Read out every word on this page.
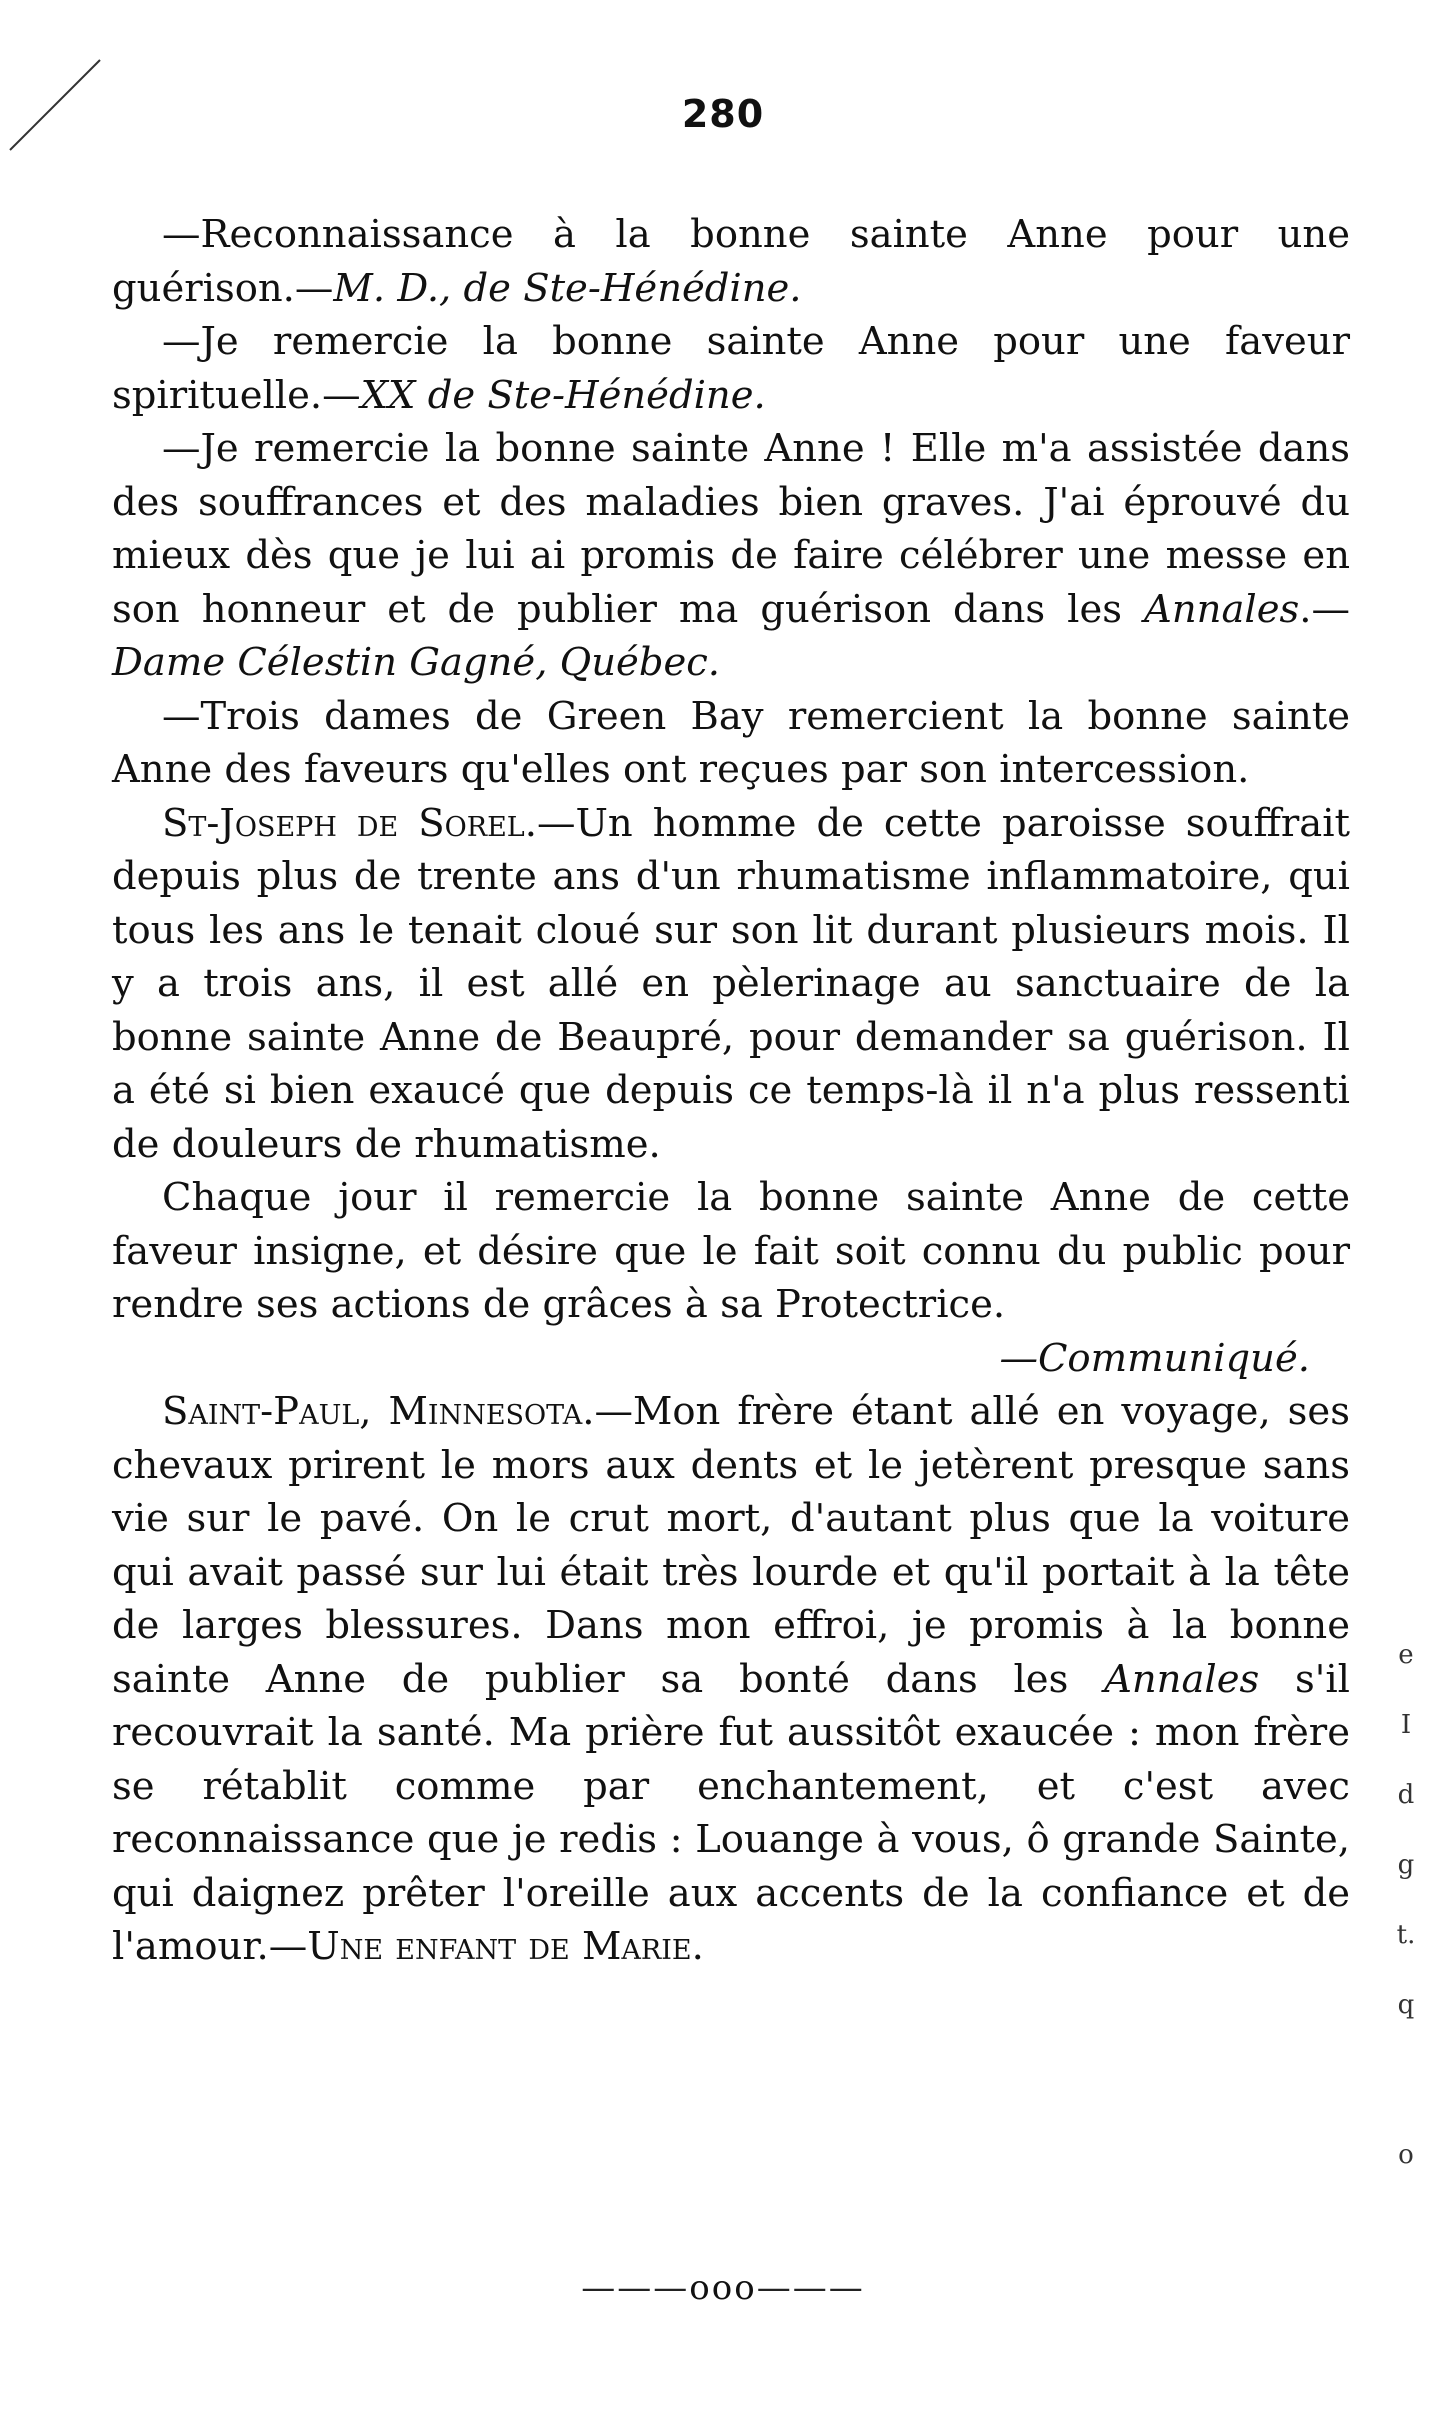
280

—Reconnaissance à la bonne sainte Anne pour une guérison.—M. D., de Ste-Hénédine.

—Je remercie la bonne sainte Anne pour une faveur spirituelle.—XX de Ste-Hénédine.

—Je remercie la bonne sainte Anne ! Elle m'a assistée dans des souffrances et des maladies bien graves. J'ai éprouvé du mieux dès que je lui ai promis de faire célébrer une messe en son honneur et de publier ma guérison dans les Annales.—Dame Célestin Gagné, Québec.

—Trois dames de Green Bay remercient la bonne sainte Anne des faveurs qu'elles ont reçues par son intercession.

St-Joseph de Sorel.—Un homme de cette paroisse souffrait depuis plus de trente ans d'un rhumatisme inflammatoire, qui tous les ans le tenait cloué sur son lit durant plusieurs mois. Il y a trois ans, il est allé en pèlerinage au sanctuaire de la bonne sainte Anne de Beaupré, pour demander sa guérison. Il a été si bien exaucé que depuis ce temps-là il n'a plus ressenti de douleurs de rhumatisme.

Chaque jour il remercie la bonne sainte Anne de cette faveur insigne, et désire que le fait soit connu du public pour rendre ses actions de grâces à sa Protectrice.

—Communiqué.

Saint-Paul, Minnesota.—Mon frère étant allé en voyage, ses chevaux prirent le mors aux dents et le jetèrent presque sans vie sur le pavé. On le crut mort, d'autant plus que la voiture qui avait passé sur lui était très lourde et qu'il portait à la tête de larges blessures. Dans mon effroi, je promis à la bonne sainte Anne de publier sa bonté dans les Annales s'il recouvrait la santé. Ma prière fut aussitôt exaucée : mon frère se rétablit comme par enchantement, et c'est avec reconnaissance que je redis : Louange à vous, ô grande Sainte, qui daignez prêter l'oreille aux accents de la confiance et de l'amour.—Une enfant de Marie.

———ooo———
e
I
d
g
t.
q
o
